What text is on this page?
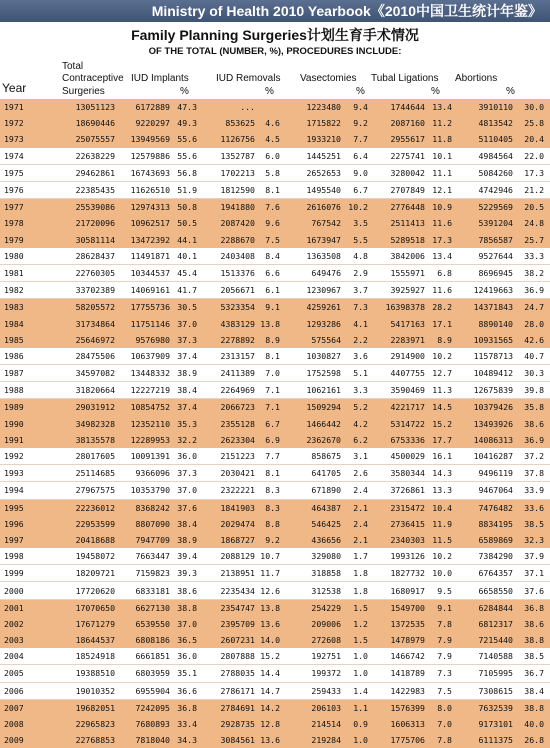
Ministry of Health 2010 Yearbook《2010中国卫生统计年鉴》
Family Planning Surgeries计划生育手术情况
OF THE TOTAL (NUMBER, %), PROCEDURES INCLUDE:
Year
Total
Contraceptive
Surgeries
IUD Implants
%
IUD Removals
%
Vasectomies
%
Tubal Ligations
%
Abortions
%
1971	13051123	6172889	47.3	...		1223480	9.4	1744644	13.4	3910110	30.0
1972	18690446	9220297	49.3	853625	4.6	1715822	9.2	2087160	11.2	4813542	25.8
1973	25075557	13949569	55.6	1126756	4.5	1933210	7.7	2955617	11.8	5110405	20.4
1974	22638229	12579886	55.6	1352787	6.0	1445251	6.4	2275741	10.1	4984564	22.0
1975	29462861	16743693	56.8	1702213	5.8	2652653	9.0	3280042	11.1	5084260	17.3
1976	22385435	11626510	51.9	1812590	8.1	1495540	6.7	2707849	12.1	4742946	21.2
1977	25539086	12974313	50.8	1941880	7.6	2616076	10.2	2776448	10.9	5229569	20.5
1978	21720096	10962517	50.5	2087420	9.6	767542	3.5	2511413	11.6	5391204	24.8
1979	30581114	13472392	44.1	2288670	7.5	1673947	5.5	5289518	17.3	7856587	25.7
1980	28628437	11491871	40.1	2403408	8.4	1363508	4.8	3842006	13.4	9527644	33.3
1981	22760305	10344537	45.4	1513376	6.6	649476	2.9	1555971	6.8	8696945	38.2
1982	33702389	14069161	41.7	2056671	6.1	1230967	3.7	3925927	11.6	12419663	36.9
1983	58205572	17755736	30.5	5323354	9.1	4259261	7.3	16398378	28.2	14371843	24.7
1984	31734864	11751146	37.0	4383129	13.8	1293286	4.1	5417163	17.1	8890140	28.0
1985	25646972	9576980	37.3	2278892	8.9	575564	2.2	2283971	8.9	10931565	42.6
1986	28475506	10637909	37.4	2313157	8.1	1030827	3.6	2914900	10.2	11578713	40.7
1987	34597082	13448332	38.9	2411389	7.0	1752598	5.1	4407755	12.7	10489412	30.3
1988	31820664	12227219	38.4	2264969	7.1	1062161	3.3	3590469	11.3	12675839	39.8
1989	29031912	10854752	37.4	2066723	7.1	1509294	5.2	4221717	14.5	10379426	35.8
1990	34982328	12352110	35.3	2355128	6.7	1466442	4.2	5314722	15.2	13493926	38.6
1991	38135578	12289953	32.2	2623304	6.9	2362670	6.2	6753336	17.7	14086313	36.9
1992	28017605	10091391	36.0	2151223	7.7	858675	3.1	4500029	16.1	10416287	37.2
1993	25114685	9366096	37.3	2030421	8.1	641705	2.6	3580344	14.3	9496119	37.8
1994	27967575	10353790	37.0	2322221	8.3	671890	2.4	3726861	13.3	9467064	33.9
1995	22236012	8368242	37.6	1841903	8.3	464387	2.1	2315472	10.4	7476482	33.6
1996	22953599	8807090	38.4	2029474	8.8	546425	2.4	2736415	11.9	8834195	38.5
1997	20418688	7947709	38.9	1868727	9.2	436656	2.1	2340303	11.5	6589869	32.3
1998	19458072	7663447	39.4	2088129	10.7	329080	1.7	1993126	10.2	7384290	37.9
1999	18209721	7159823	39.3	2138951	11.7	318858	1.8	1827732	10.0	6764357	37.1
2000	17720620	6833181	38.6	2235434	12.6	312538	1.8	1680917	9.5	6658550	37.6
2001	17070650	6627130	38.8	2354747	13.8	254229	1.5	1549700	9.1	6284844	36.8
2002	17671279	6539550	37.0	2395709	13.6	209006	1.2	1372535	7.8	6812317	38.6
2003	18644537	6808186	36.5	2607231	14.0	272608	1.5	1478979	7.9	7215440	38.8
2004	18524918	6661851	36.0	2807888	15.2	192751	1.0	1466742	7.9	7140588	38.5
2005	19388510	6803959	35.1	2788035	14.4	199372	1.0	1418789	7.3	7105995	36.7
2006	19010352	6955904	36.6	2786171	14.7	259433	1.4	1422983	7.5	7308615	38.4
2007	19682051	7242095	36.8	2784691	14.2	206103	1.1	1576399	8.0	7632539	38.8
2008	22965823	7680893	33.4	2928735	12.8	214514	0.9	1606313	7.0	9173101	40.0
2009	22768853	7818040	34.3	3084561	13.6	219284	1.0	1775706	7.8	6111375	26.8
